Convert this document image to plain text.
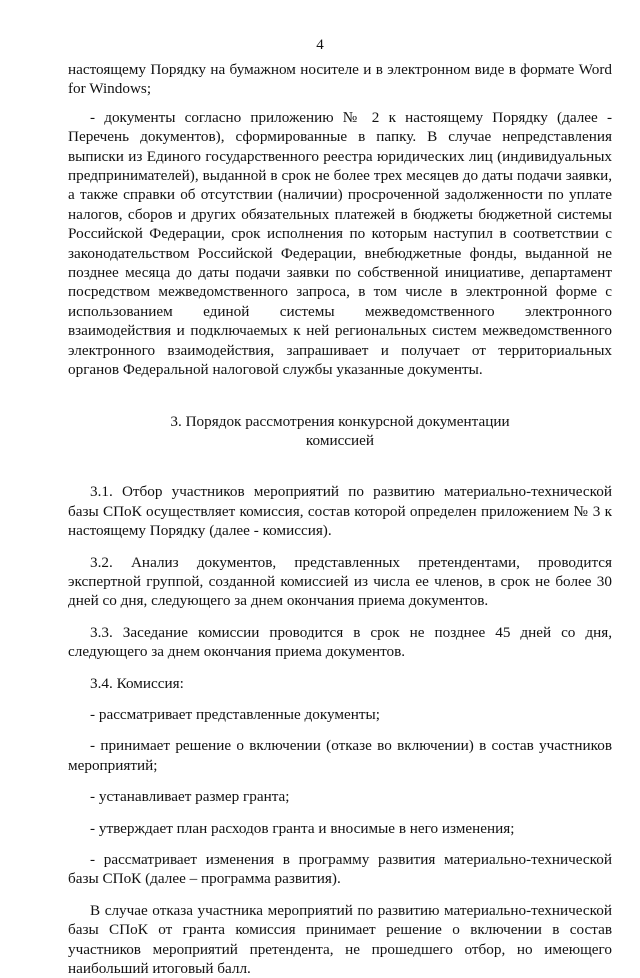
4

настоящему Порядку на бумажном носителе и в электронном виде в формате Word for Windows;

- документы согласно приложению № 2 к настоящему Порядку (далее - Перечень документов), сформированные в папку. В случае непредставления выписки из Единого государственного реестра юридических лиц (индивидуальных предпринимателей), выданной в срок не более трех месяцев до даты подачи заявки, а также справки об отсутствии (наличии) просроченной задолженности по уплате налогов, сборов и других обязательных платежей в бюджеты бюджетной системы Российской Федерации, срок исполнения по которым наступил в соответствии с законодательством Российской Федерации, внебюджетные фонды, выданной не позднее месяца до даты подачи заявки по собственной инициативе, департамент посредством межведомственного запроса, в том числе в электронной форме с использованием единой системы межведомственного электронного взаимодействия и подключаемых к ней региональных систем межведомственного электронного взаимодействия, запрашивает и получает от территориальных органов Федеральной налоговой службы указанные документы.

3. Порядок рассмотрения конкурсной документации
комиссией

3.1. Отбор участников мероприятий по развитию материально-технической базы СПоК осуществляет комиссия, состав которой определен приложением № 3 к настоящему Порядку (далее - комиссия).

3.2. Анализ документов, представленных претендентами, проводится экспертной группой, созданной комиссией из числа ее членов, в срок не более 30 дней со дня, следующего за днем окончания приема документов.

3.3. Заседание комиссии проводится в срок не позднее 45 дней со дня, следующего за днем окончания приема документов.

3.4. Комиссия:

- рассматривает представленные документы;

- принимает решение о включении (отказе во включении) в состав участников мероприятий;

- устанавливает размер гранта;

- утверждает план расходов гранта и вносимые в него изменения;

- рассматривает изменения в программу развития материально-технической базы СПоК (далее – программа развития).

В случае отказа участника мероприятий по развитию материально-технической базы СПоК от гранта комиссия принимает решение о включении в состав участников мероприятий претендента, не прошедшего отбор, но имеющего наибольший итоговый балл.
